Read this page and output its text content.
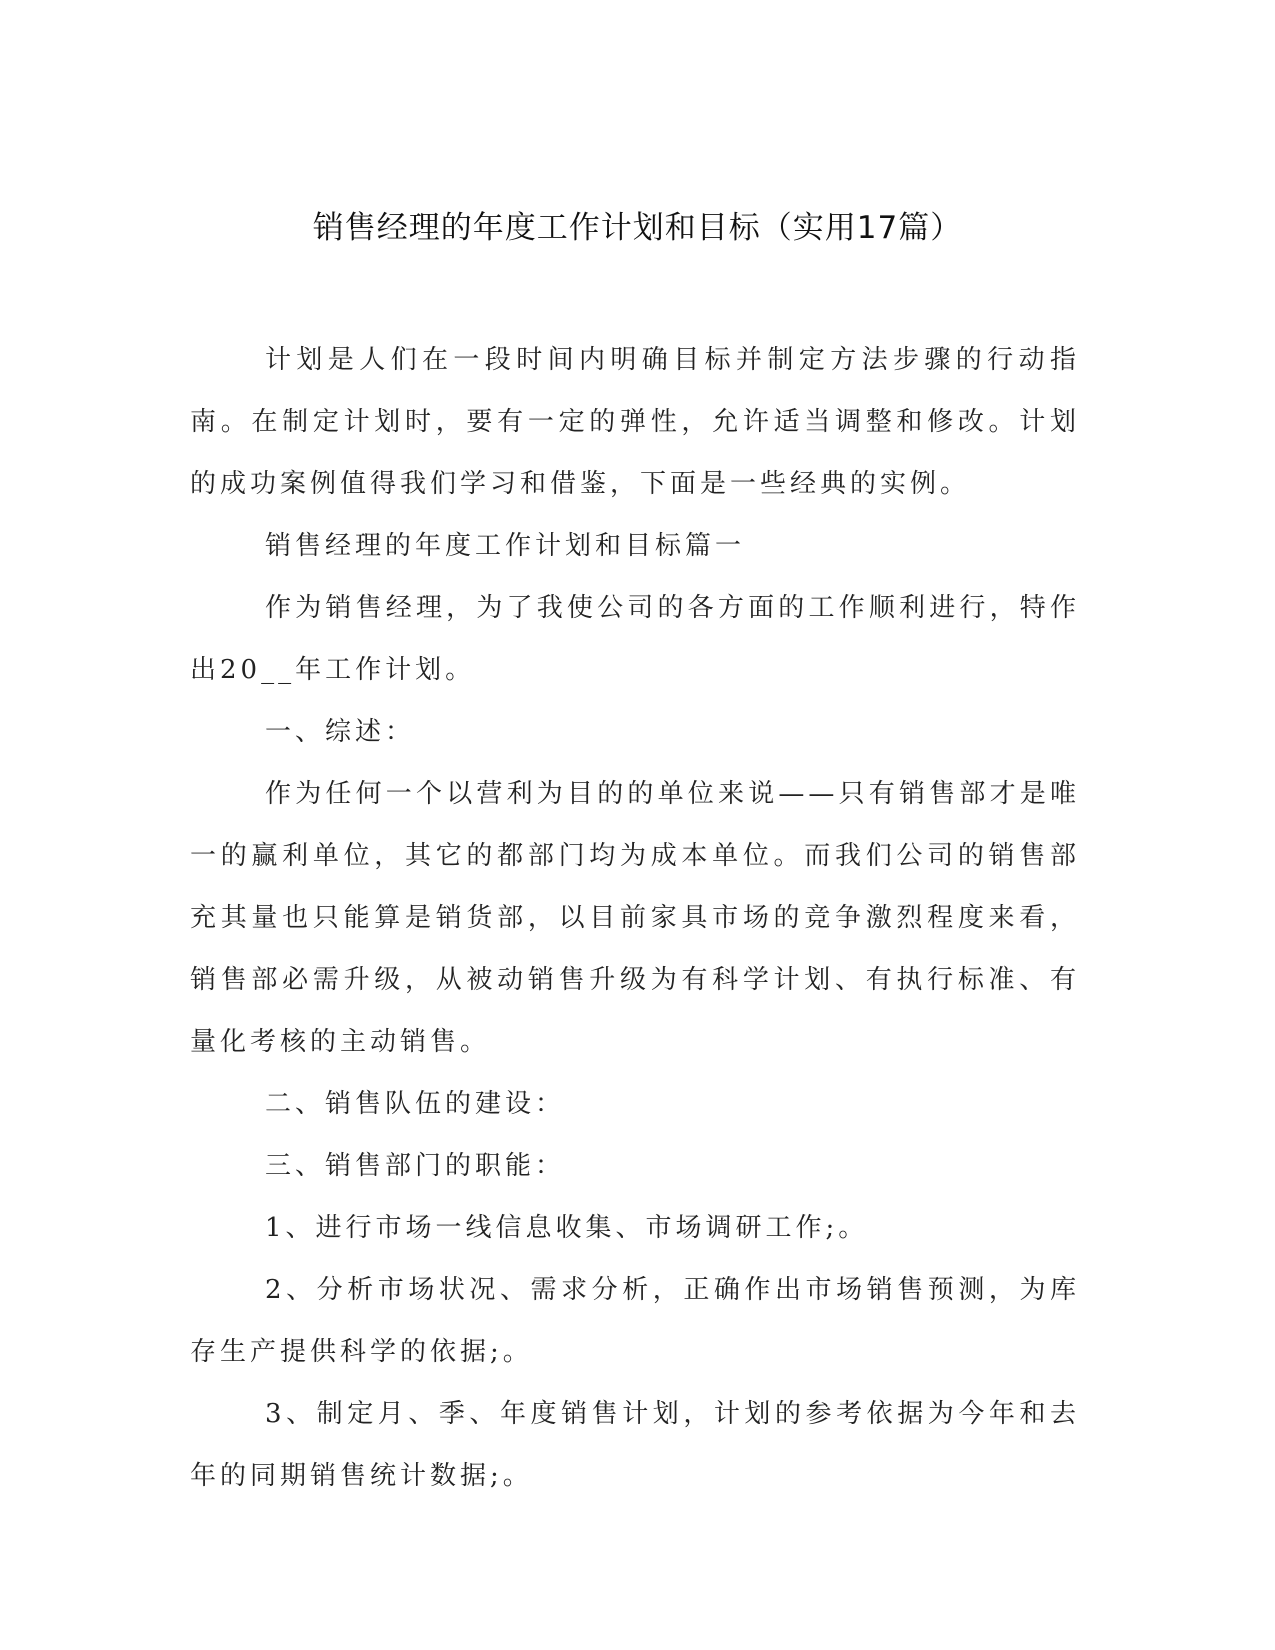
销售经理的年度工作计划和目标（实用17篇）

计划是人们在一段时间内明确目标并制定方法步骤的行动指南。在制定计划时，要有一定的弹性，允许适当调整和修改。计划的成功案例值得我们学习和借鉴，下面是一些经典的实例。

销售经理的年度工作计划和目标篇一

作为销售经理，为了我使公司的各方面的工作顺利进行，特作出20__年工作计划。

一、综述：

作为任何一个以营利为目的的单位来说——只有销售部才是唯一的赢利单位，其它的都部门均为成本单位。而我们公司的销售部充其量也只能算是销货部，以目前家具市场的竞争激烈程度来看，销售部必需升级，从被动销售升级为有科学计划、有执行标准、有量化考核的主动销售。

二、销售队伍的建设：

三、销售部门的职能：

1、进行市场一线信息收集、市场调研工作;。

2、分析市场状况、需求分析，正确作出市场销售预测，为库存生产提供科学的依据;。

3、制定月、季、年度销售计划，计划的参考依据为今年和去年的同期销售统计数据;。
